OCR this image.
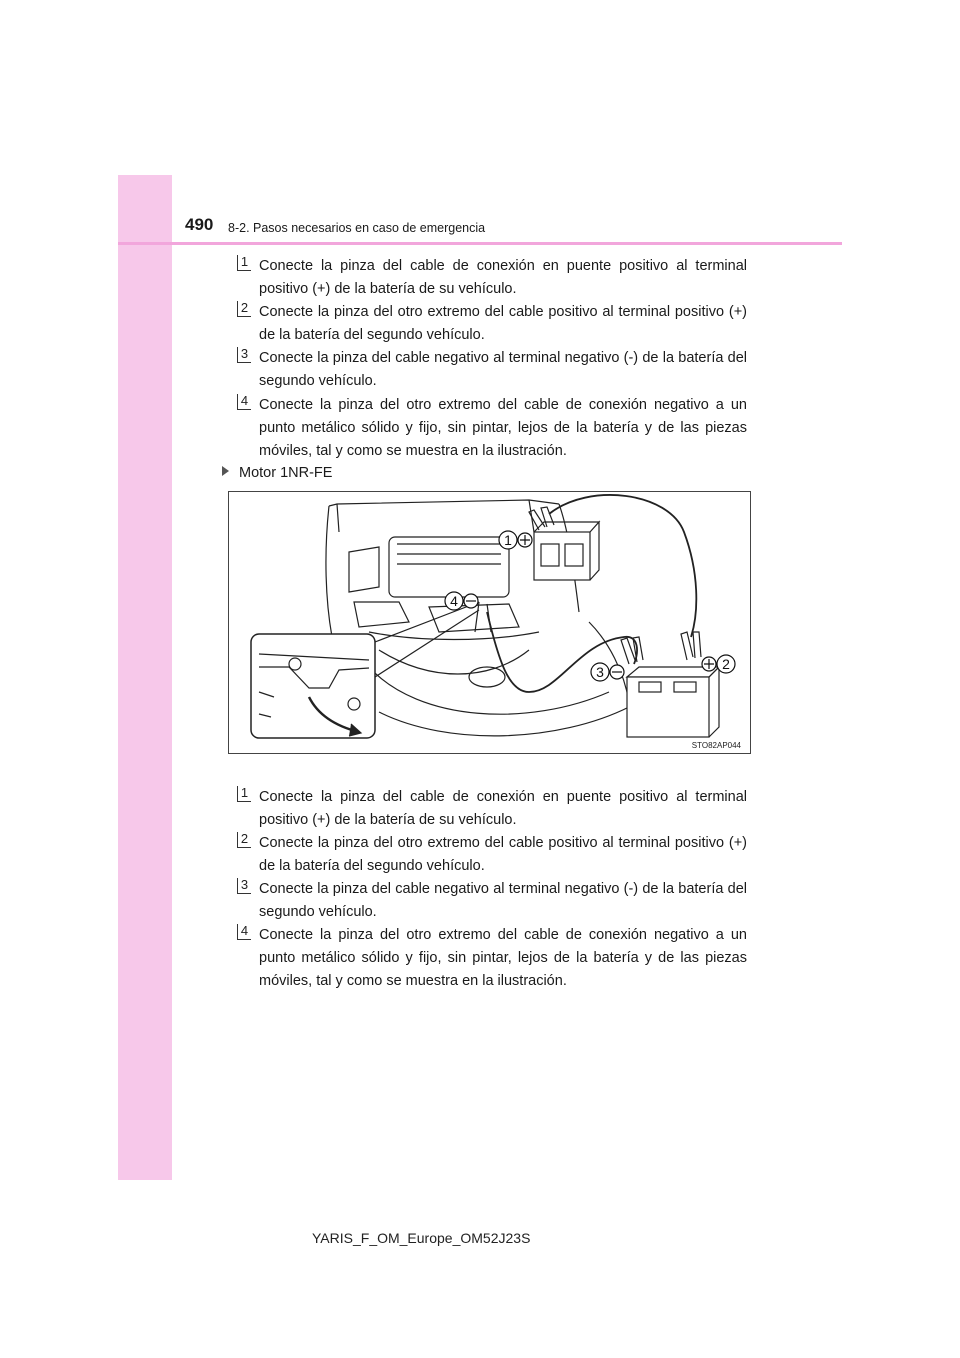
490 8-2. Pasos necesarios en caso de emergencia
1 Conecte la pinza del cable de conexión en puente positivo al terminal positivo (+) de la batería de su vehículo.
2 Conecte la pinza del otro extremo del cable positivo al terminal positivo (+) de la batería del segundo vehículo.
3 Conecte la pinza del cable negativo al terminal negativo (-) de la batería del segundo vehículo.
4 Conecte la pinza del otro extremo del cable de conexión negativo a un punto metálico sólido y fijo, sin pintar, lejos de la batería y de las piezas móviles, tal y como se muestra en la ilustración.
Motor 1NR-FE
1
4
3	2
STO82AP044
1 Conecte la pinza del cable de conexión en puente positivo al terminal positivo (+) de la batería de su vehículo.
2 Conecte la pinza del otro extremo del cable positivo al terminal positivo (+) de la batería del segundo vehículo.
3 Conecte la pinza del cable negativo al terminal negativo (-) de la batería del segundo vehículo.
4 Conecte la pinza del otro extremo del cable de conexión negativo a un punto metálico sólido y fijo, sin pintar, lejos de la batería y de las piezas móviles, tal y como se muestra en la ilustración.
YARIS_F_OM_Europe_OM52J23S
